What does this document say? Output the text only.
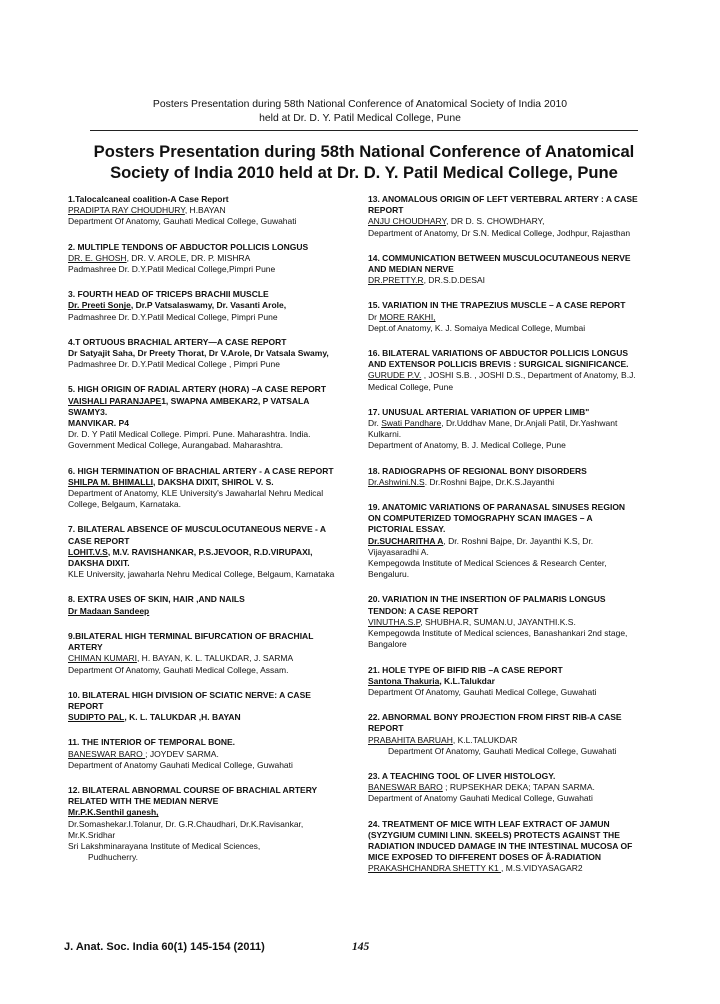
Posters Presentation during 58th National Conference of Anatomical Society of India 2010
held at Dr. D. Y. Patil Medical College, Pune
Posters Presentation during 58th National Conference of Anatomical
Society of India 2010 held at Dr. D. Y. Patil Medical College, Pune
1.Talocalcaneal coalition-A Case Report
PRADIPTA RAY CHOUDHURY, H.BAYAN
Department Of Anatomy, Gauhati Medical College, Guwahati
2. MULTIPLE TENDONS OF ABDUCTOR POLLICIS LONGUS
DR. E. GHOSH, DR. V. AROLE, DR. P. MISHRA
Padmashree Dr. D.Y.Patil Medical College,Pimpri Pune
3. FOURTH HEAD OF TRICEPS BRACHII MUSCLE
Dr. Preeti Sonje, Dr.P Vatsalaswamy, Dr. Vasanti Arole,
Padmashree Dr. D.Y.Patil Medical College, Pimpri Pune
4.T ORTUOUS BRACHIAL ARTERY—A CASE REPORT
Dr Satyajit Saha, Dr Preety Thorat, Dr V.Arole, Dr Vatsala Swamy,
Padmashree Dr. D.Y.Patil Medical College , Pimpri Pune
5. HIGH ORIGIN OF RADIAL ARTERY (HORA) –A CASE REPORT
VAISHALI PARANJAPE1, SWAPNA AMBEKAR2, P VATSALA SWAMY3.
MANVIKAR. P4
Dr. D. Y Patil Medical College. Pimpri. Pune. Maharashtra. India.
Government Medical College, Aurangabad. Maharashtra.
6. HIGH TERMINATION OF BRACHIAL ARTERY - A CASE REPORT
SHILPA M. BHIMALLI, DAKSHA DIXIT, SHIROL V. S.
Department of Anatomy, KLE University's Jawaharlal Nehru Medical College, Belgaum, Karnataka.
7. BILATERAL ABSENCE OF MUSCULOCUTANEOUS NERVE - A CASE REPORT
LOHIT.V.S, M.V. RAVISHANKAR, P.S.JEVOOR, R.D.VIRUPAXI, DAKSHA DIXIT.
KLE University, jawaharla Nehru Medical College, Belgaum, Karnataka
8. EXTRA USES OF SKIN, HAIR ,AND NAILS
Dr Madaan Sandeep
9.BILATERAL HIGH TERMINAL BIFURCATION OF BRACHIAL ARTERY
CHIMAN KUMARI, H. BAYAN, K. L. TALUKDAR, J. SARMA
Department Of Anatomy, Gauhati Medical College, Assam.
10. BILATERAL HIGH DIVISION OF SCIATIC NERVE: A CASE REPORT
SUDIPTO PAL, K. L. TALUKDAR ,H. BAYAN
11. THE INTERIOR OF TEMPORAL BONE.
BANESWAR BARO ; JOYDEV SARMA.
Department of Anatomy Gauhati Medical College, Guwahati
12. BILATERAL ABNORMAL COURSE OF BRACHIAL ARTERY RELATED WITH THE MEDIAN NERVE
Mr.P.K.Senthil ganesh,
Dr.Somashekar.I.Tolanur, Dr. G.R.Chaudhari, Dr.K.Ravisankar, Mr.K.Sridhar
Sri Lakshminarayana Institute of Medical Sciences,
Pudhucherry.
13. ANOMALOUS ORIGIN OF LEFT VERTEBRAL ARTERY : A CASE REPORT
ANJU CHOUDHARY, DR D. S. CHOWDHARY,
Department of Anatomy, Dr S.N. Medical College, Jodhpur, Rajasthan
14. COMMUNICATION BETWEEN MUSCULOCUTANEOUS NERVE AND MEDIAN NERVE
DR.PRETTY.R, DR.S.D.DESAI
15. VARIATION IN THE TRAPEZIUS MUSCLE – A CASE REPORT
Dr MORE RAKHI,
Dept.of Anatomy, K. J. Somaiya Medical College, Mumbai
16. BILATERAL VARIATIONS OF ABDUCTOR POLLICIS LONGUS AND EXTENSOR POLLICIS BREVIS : SURGICAL SIGNIFICANCE.
GURUDE P.V. , JOSHI S.B. , JOSHI D.S., Department of Anatomy, B.J. Medical College, Pune
17. UNUSUAL ARTERIAL VARIATION OF UPPER LIMB"
Dr. Swati Pandhare, Dr.Uddhav Mane, Dr.Anjali Patil, Dr.Yashwant Kulkarni.
Department of Anatomy, B. J. Medical College, Pune
18. RADIOGRAPHS OF REGIONAL BONY DISORDERS
Dr.Ashwini.N.S. Dr.Roshni Bajpe, Dr.K.S.Jayanthi
19. ANATOMIC VARIATIONS OF PARANASAL SINUSES REGION ON COMPUTERIZED TOMOGRAPHY SCAN IMAGES – A PICTORIAL ESSAY.
Dr.SUCHARITHA A, Dr. Roshni Bajpe, Dr. Jayanthi K.S, Dr. Vijayasaradhi A.
Kempegowda Institute of Medical Sciences & Research Center, Bengaluru.
20. VARIATION IN THE INSERTION OF PALMARIS LONGUS TENDON: A CASE REPORT
VINUTHA.S.P, SHUBHA.R, SUMAN.U, JAYANTHI.K.S.
Kempegowda Institute of Medical sciences, Banashankari 2nd stage, Bangalore
21. HOLE TYPE OF BIFID RIB –A CASE REPORT
Santona Thakuria, K.L.Talukdar
Department Of Anatomy, Gauhati Medical College, Guwahati
22. ABNORMAL BONY PROJECTION FROM FIRST RIB-A CASE REPORT
PRABAHITA BARUAH, K.L.TALUKDAR
Department Of Anatomy, Gauhati Medical College, Guwahati
23. A TEACHING TOOL OF LIVER HISTOLOGY.
BANESWAR BARO ; RUPSEKHAR DEKA; TAPAN SARMA.
Department of Anatomy Gauhati Medical College, Guwahati
24. TREATMENT OF MICE WITH LEAF EXTRACT OF JAMUN (SYZYGIUM CUMINI LINN. SKEELS) PROTECTS AGAINST THE RADIATION INDUCED DAMAGE IN THE INTESTINAL MUCOSA OF MICE EXPOSED TO DIFFERENT DOSES OF Â-RADIATION
PRAKASHCHANDRA SHETTY K1 , M.S.VIDYASAGAR2
J. Anat. Soc. India 60(1) 145-154 (2011)	145
